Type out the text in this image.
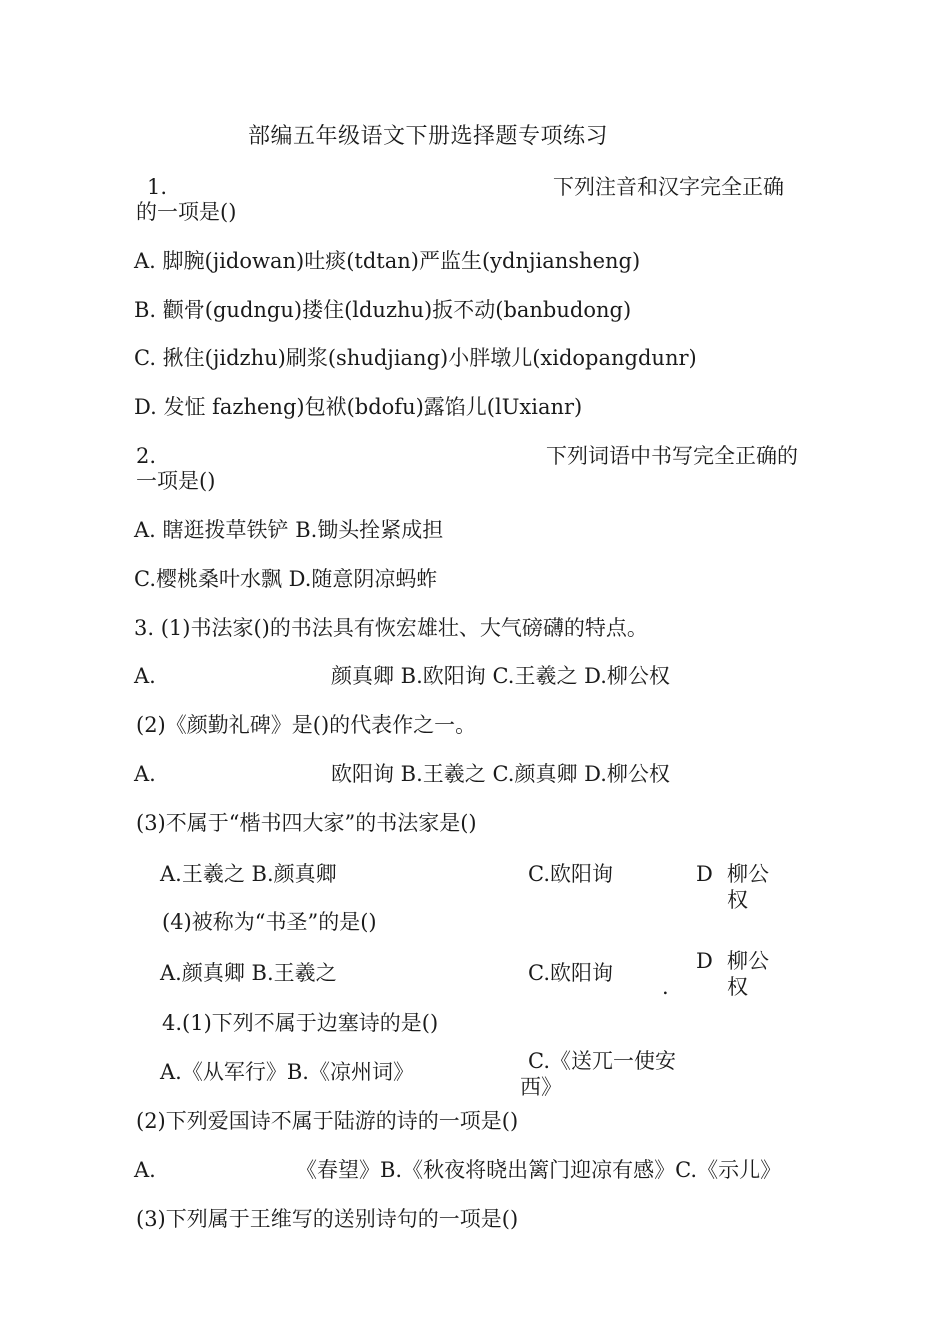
部编五年级语文下册选择题专项练习
1.	下列注音和汉字完全正确
的一项是()
A. 脚腕(jidowan)吐痰(tdtan)严监生(ydnjiansheng)
B. 颧骨(gudngu)搂住(lduzhu)扳不动(banbudong)
C. 揪住(jidzhu)刷浆(shudjiang)小胖墩儿(xidopangdunr)
D. 发怔 fazheng)包袱(bdofu)露馅儿(lUxianr)
2.	下列词语中书写完全正确的
一项是()
A. 瞎逛拨草铁铲 B.锄头拴紧成担
C.樱桃桑叶水飘 D.随意阴凉蚂蚱
3. (1)书法家()的书法具有恢宏雄壮、大气磅礴的特点。
A.	颜真卿 B.欧阳询 C.王羲之 D.柳公权
(2)《颜勤礼碑》是()的代表作之一。
A.	欧阳询 B.王羲之 C.颜真卿 D.柳公权
(3)不属于“楷书四大家”的书法家是()
A.王羲之 B.颜真卿	C.欧阳询	D 柳公
权
(4)被称为“书圣”的是()
A.颜真卿 B.王羲之	C.欧阳询	D
.
柳公
权
4.(1)下列不属于边塞诗的是()
A.《从军行》B.《凉州词》	C.《送兀一使安
西》
(2)下列爱国诗不属于陆游的诗的一项是()
A.	《春望》B.《秋夜将晓出篱门迎凉有感》C.《示儿》
(3)下列属于王维写的送别诗句的一项是()
